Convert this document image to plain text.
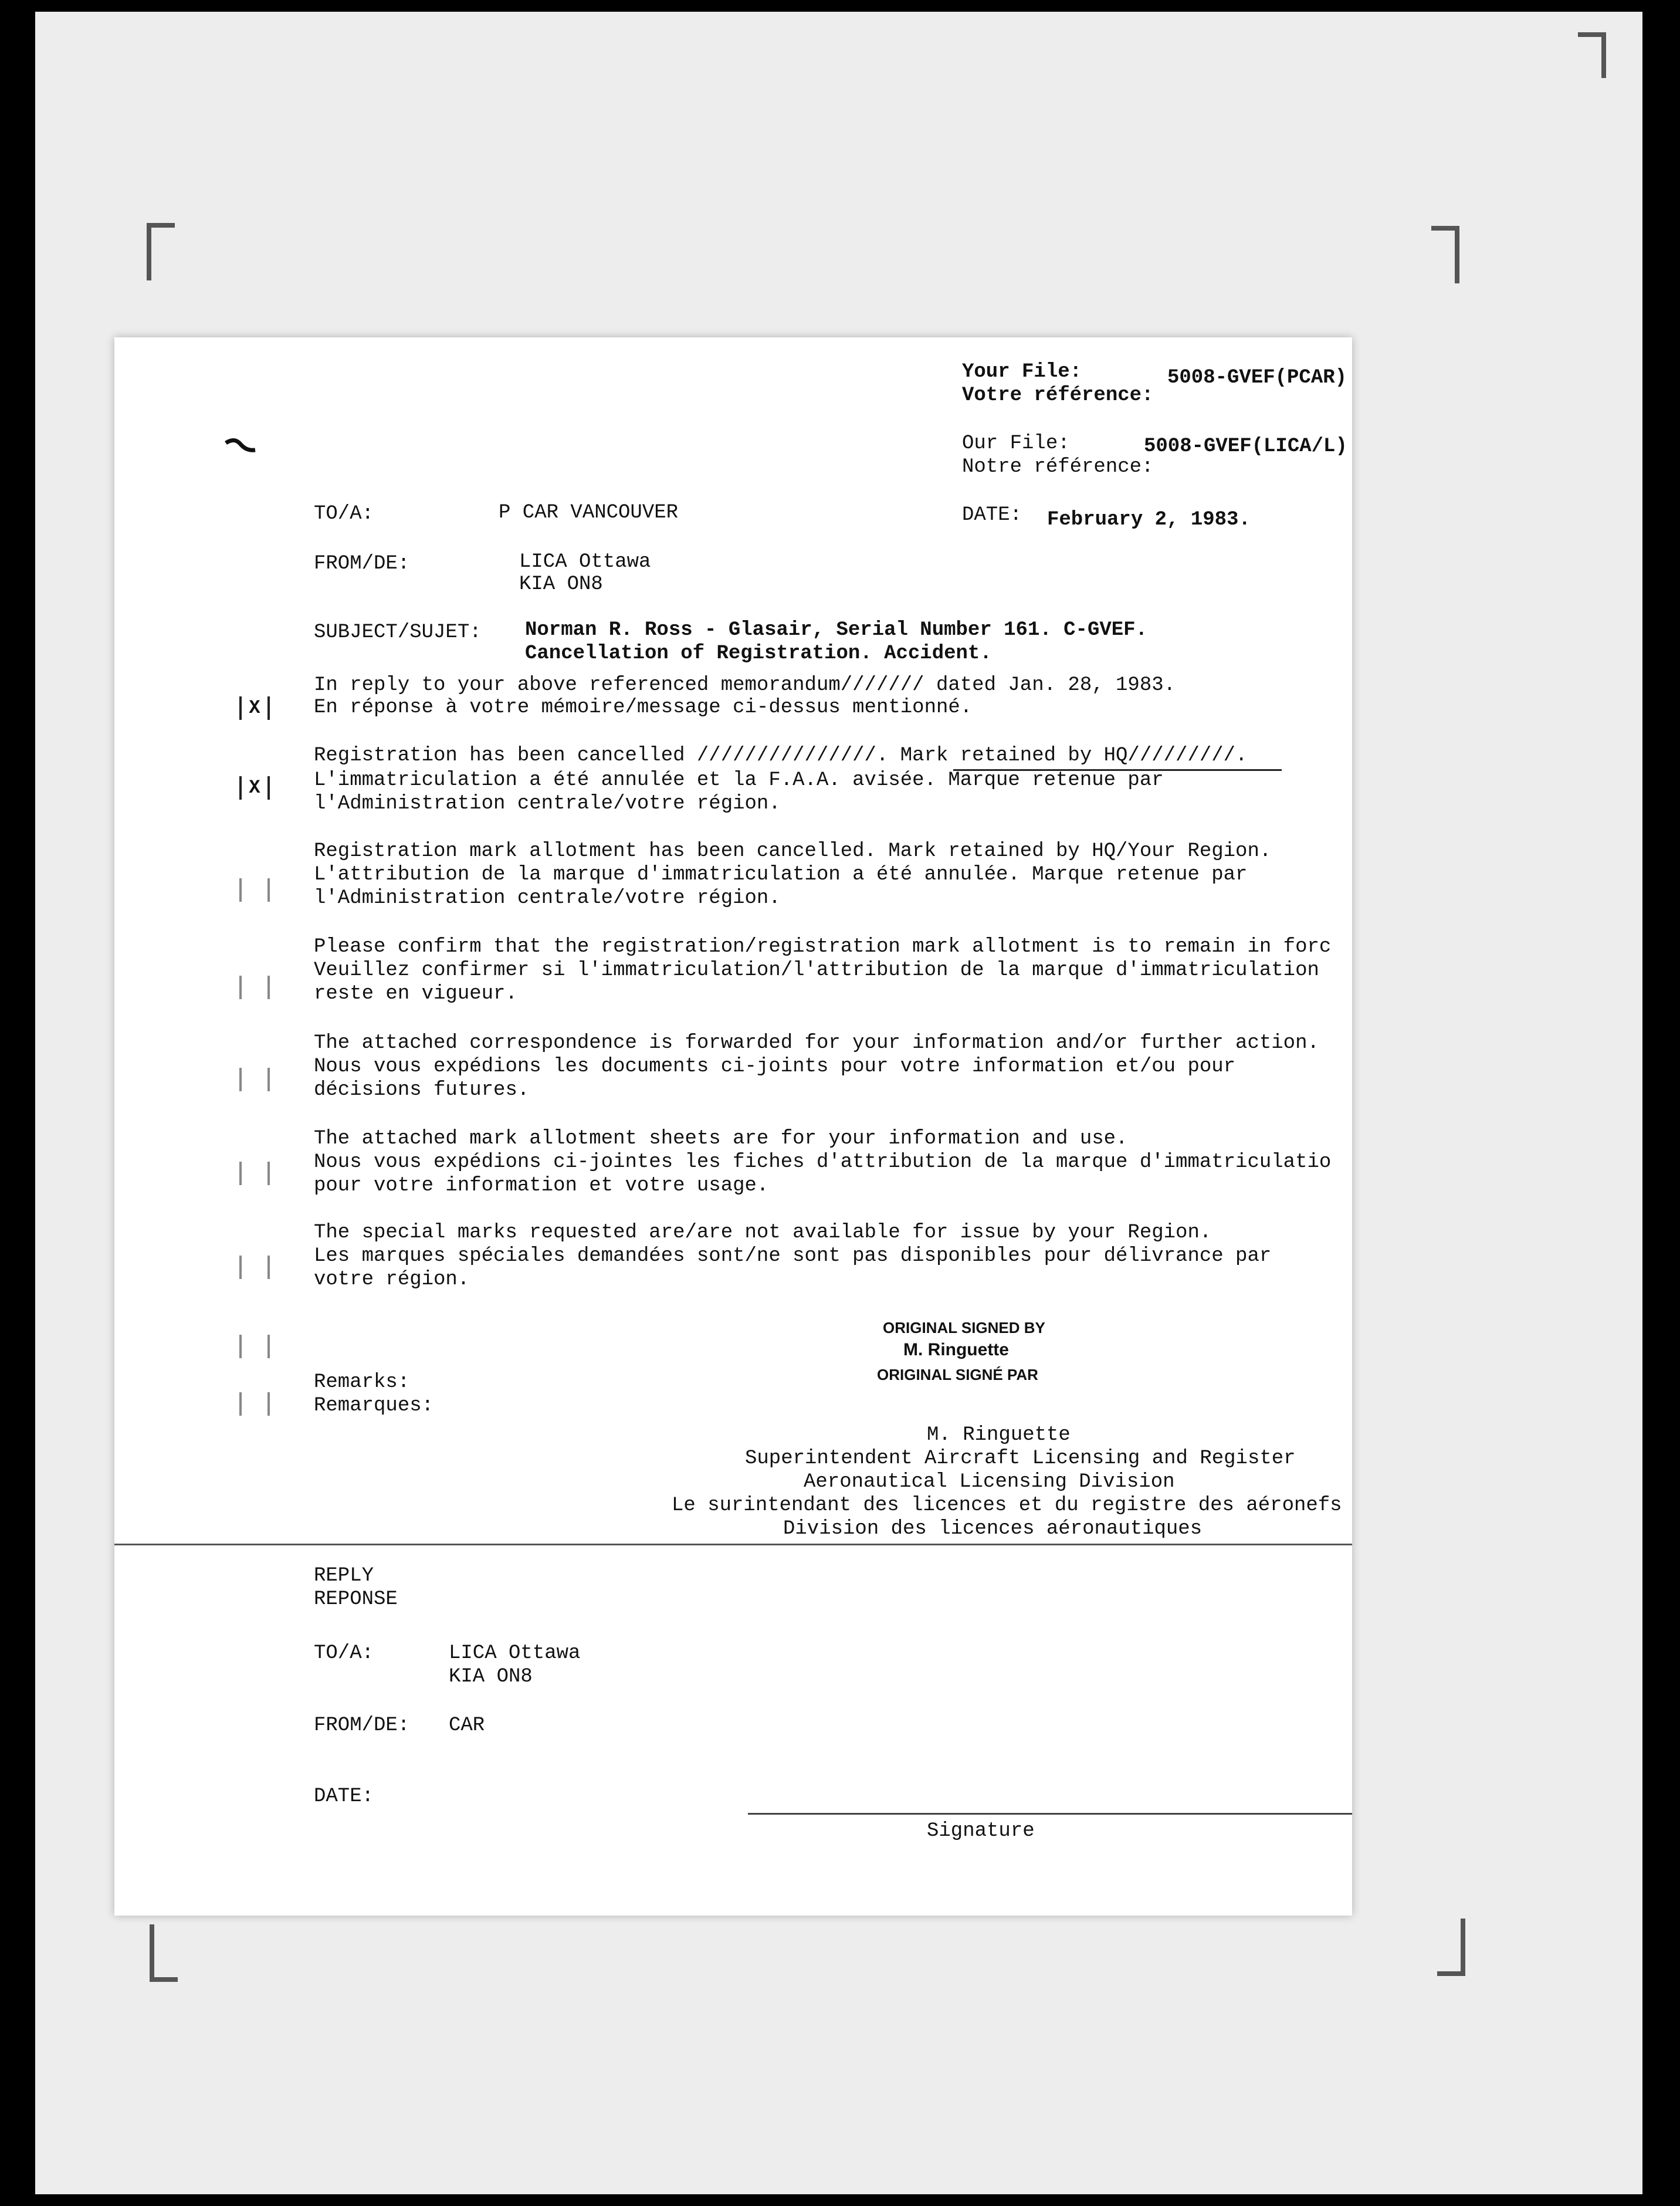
Your File:
Votre référence:
5008-GVEF(PCAR)
Our File:
Notre référence:
5008-GVEF(LICA/L)
DATE: February 2, 1983.
TO/A:	P CAR VANCOUVER
FROM/DE:	LICA Ottawa
KIA ON8
SUBJECT/SUJET: Norman R. Ross - Glasair, Serial Number 161. C-GVEF.
Cancellation of Registration. Accident.
X
In reply to your above referenced memorandum/////// dated Jan. 28, 1983.
En réponse à votre mémoire/message ci-dessus mentionné.
X
Registration has been cancelled ///////////////. Mark retained by HQ/////////.
L'immatriculation a été annulée et la F.A.A. avisée. Marque retenue par
l'Administration centrale/votre région.
Registration mark allotment has been cancelled. Mark retained by HQ/Your Region.
L'attribution de la marque d'immatriculation a été annulée. Marque retenue par
l'Administration centrale/votre région.
Please confirm that the registration/registration mark allotment is to remain in forc
Veuillez confirmer si l'immatriculation/l'attribution de la marque d'immatriculation
reste en vigueur.
The attached correspondence is forwarded for your information and/or further action.
Nous vous expédions les documents ci-joints pour votre information et/ou pour
décisions futures.
The attached mark allotment sheets are for your information and use.
Nous vous expédions ci-jointes les fiches d'attribution de la marque d'immatriculatio
pour votre information et votre usage.
The special marks requested are/are not available for issue by your Region.
Les marques spéciales demandées sont/ne sont pas disponibles pour délivrance par
votre région.
ORIGINAL SIGNED BY
M. Ringuette
ORIGINAL SIGNÉ PAR
Remarks:
Remarques:
M. Ringuette
Superintendent Aircraft Licensing and Register
Aeronautical Licensing Division
Le surintendant des licences et du registre des aéronefs
Division des licences aéronautiques
REPLY
REPONSE
TO/A:	LICA Ottawa
KIA ON8
FROM/DE: CAR
DATE:
Signature
